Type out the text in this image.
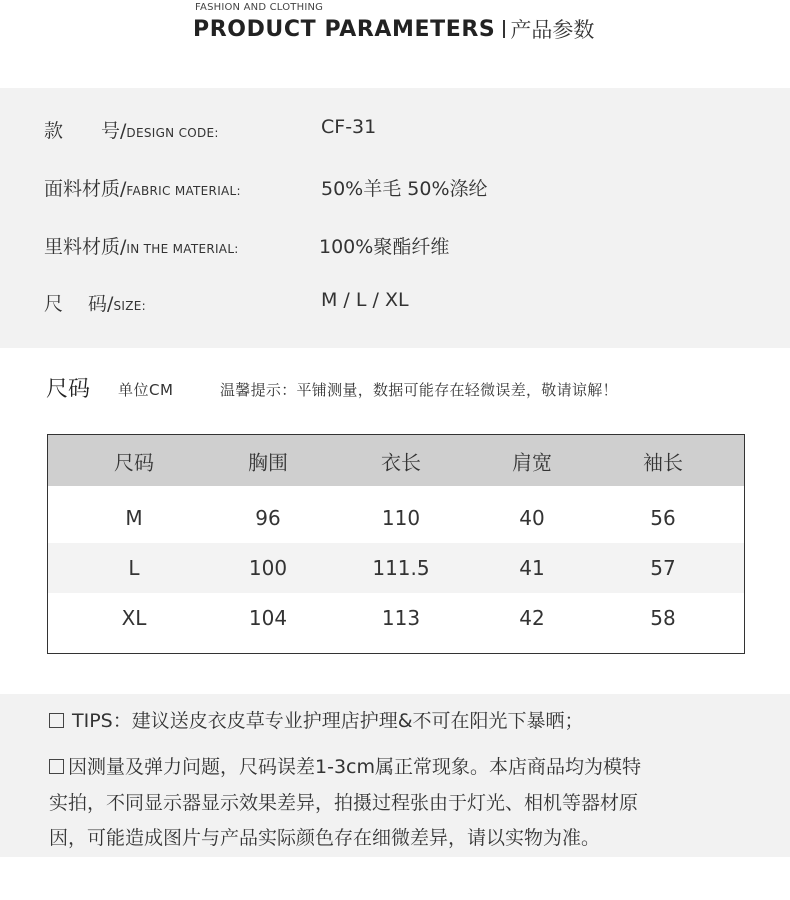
FASHION AND CLOTHING
PRODUCT PARAMETERS 产品参数
款　　号/DESIGN CODE:	CF-31
面料材质/FABRIC MATERIAL:	50%羊毛 50%涤纶
里料材质/IN THE MATERIAL:	100%聚酯纤维
尺　 码/SIZE:	M / L / XL
尺码 单位CM	温馨提示：平铺测量，数据可能存在轻微误差，敬请谅解！
尺码	胸围	衣长	肩宽	袖长
M	96	110	40	56
L	100	111.5	41	57
XL	104	113	42	58
TIPS：建议送皮衣皮草专业护理店护理&不可在阳光下暴晒；
因测量及弹力问题，尺码误差1-3cm属正常现象。本店商品均为模特
实拍，不同显示器显示效果差异，拍摄过程张由于灯光、相机等器材原
因，可能造成图片与产品实际颜色存在细微差异，请以实物为准。
